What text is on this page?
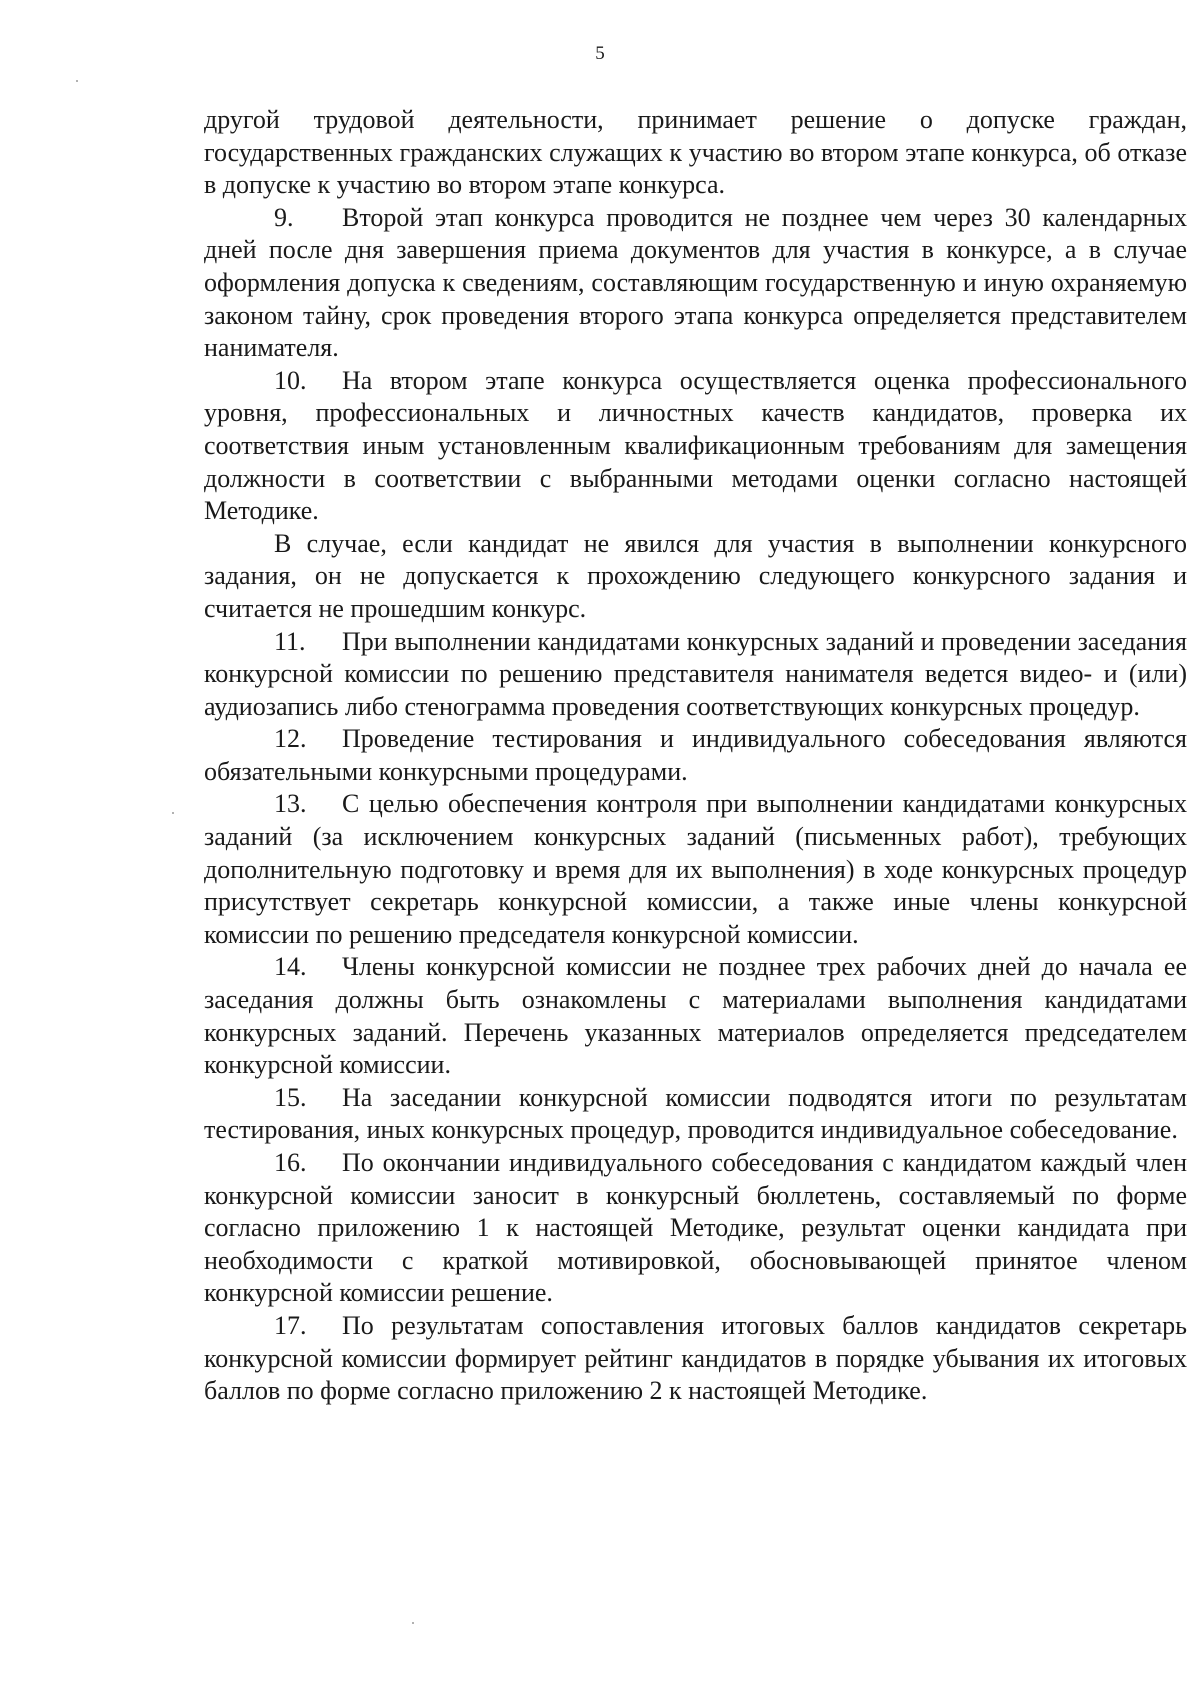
5

другой трудовой деятельности, принимает решение о допуске граждан, государственных гражданских служащих к участию во втором этапе конкурса, об отказе в допуске к участию во втором этапе конкурса.

9. Второй этап конкурса проводится не позднее чем через 30 календарных дней после дня завершения приема документов для участия в конкурсе, а в случае оформления допуска к сведениям, составляющим государственную и иную охраняемую законом тайну, срок проведения второго этапа конкурса определяется представителем нанимателя.

10. На втором этапе конкурса осуществляется оценка профессионального уровня, профессиональных и личностных качеств кандидатов, проверка их соответствия иным установленным квалификационным требованиям для замещения должности в соответствии с выбранными методами оценки согласно настоящей Методике.

В случае, если кандидат не явился для участия в выполнении конкурсного задания, он не допускается к прохождению следующего конкурсного задания и считается не прошедшим конкурс.

11. При выполнении кандидатами конкурсных заданий и проведении заседания конкурсной комиссии по решению представителя нанимателя ведется видео- и (или) аудиозапись либо стенограмма проведения соответствующих конкурсных процедур.

12. Проведение тестирования и индивидуального собеседования являются обязательными конкурсными процедурами.

13. С целью обеспечения контроля при выполнении кандидатами конкурсных заданий (за исключением конкурсных заданий (письменных работ), требующих дополнительную подготовку и время для их выполнения) в ходе конкурсных процедур присутствует секретарь конкурсной комиссии, а также иные члены конкурсной комиссии по решению председателя конкурсной комиссии.

14. Члены конкурсной комиссии не позднее трех рабочих дней до начала ее заседания должны быть ознакомлены с материалами выполнения кандидатами конкурсных заданий. Перечень указанных материалов определяется председателем конкурсной комиссии.

15. На заседании конкурсной комиссии подводятся итоги по результатам тестирования, иных конкурсных процедур, проводится индивидуальное собеседование.

16. По окончании индивидуального собеседования с кандидатом каждый член конкурсной комиссии заносит в конкурсный бюллетень, составляемый по форме согласно приложению 1 к настоящей Методике, результат оценки кандидата при необходимости с краткой мотивировкой, обосновывающей принятое членом конкурсной комиссии решение.

17. По результатам сопоставления итоговых баллов кандидатов секретарь конкурсной комиссии формирует рейтинг кандидатов в порядке убывания их итоговых баллов по форме согласно приложению 2 к настоящей Методике.
